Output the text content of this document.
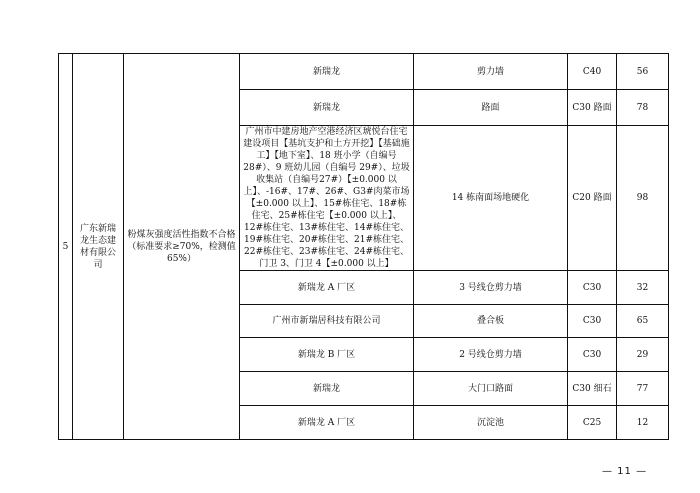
5	广东新瑞龙生态建材有限公司	粉煤灰强度活性指数不合格（标准要求≥70%，检测值65%）	新瑞龙	剪力墙	C40	56
			新瑞龙	路面	C30 路面	78
			广州市中建房地产空港经济区琥悦台住宅建设项目【基坑支护和土方开挖】【基础施工】【地下室】、18 班小学（自编号 28#）、9 班幼儿园（自编号 29#）、垃圾收集站（自编号27#）【±0.000 以上】、-16#、17#、26#、G3#肉菜市场【±0.000 以上】、15#栋住宅、18#栋住宅、25#栋住宅【±0.000 以上】、12#栋住宅、13#栋住宅、14#栋住宅、19#栋住宅、20#栋住宅、21#栋住宅、22#栋住宅、23#栋住宅、24#栋住宅、门卫 3、门卫 4【±0.000 以上】	14 栋南面场地硬化	C20 路面	98
			新瑞龙 A 厂区	3 号线仓剪力墙	C30	32
			广州市新瑞居科技有限公司	叠合板	C30	65
			新瑞龙 B 厂区	2 号线仓剪力墙	C30	29
			新瑞龙	大门口路面	C30 细石	77
			新瑞龙 A 厂区	沉淀池	C25	12
— 11 —
